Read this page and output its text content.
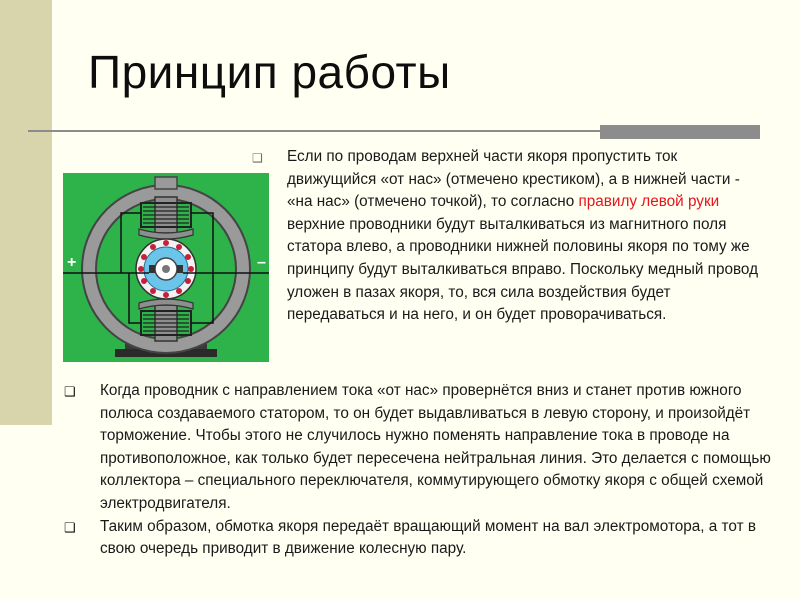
Принцип работы
+	–
❑ Если по проводам верхней части якоря пропустить ток движущийся «от нас» (отмечено крестиком), а в нижней части - «на нас» (отмечено точкой), то согласно правилу левой руки верхние проводники будут выталкиваться из магнитного поля статора влево, а проводники нижней половины якоря по тому же принципу будут выталкиваться вправо. Поскольку медный провод уложен в пазах якоря, то, вся сила воздействия будет передаваться и на него, и он будет проворачиваться.

❑ Когда проводник с направлением тока «от нас» провернётся вниз и станет против южного полюса создаваемого статором, то он будет выдавливаться в левую сторону, и произойдёт торможение. Чтобы этого не случилось нужно поменять направление тока в проводе на противоположное, как только будет пересечена нейтральная линия. Это делается с помощью коллектора – специального переключателя, коммутирующего обмотку якоря с общей схемой электродвигателя.

❑ Таким образом, обмотка якоря передаёт вращающий момент на вал электромотора, а тот в свою очередь приводит в движение колесную пару.
